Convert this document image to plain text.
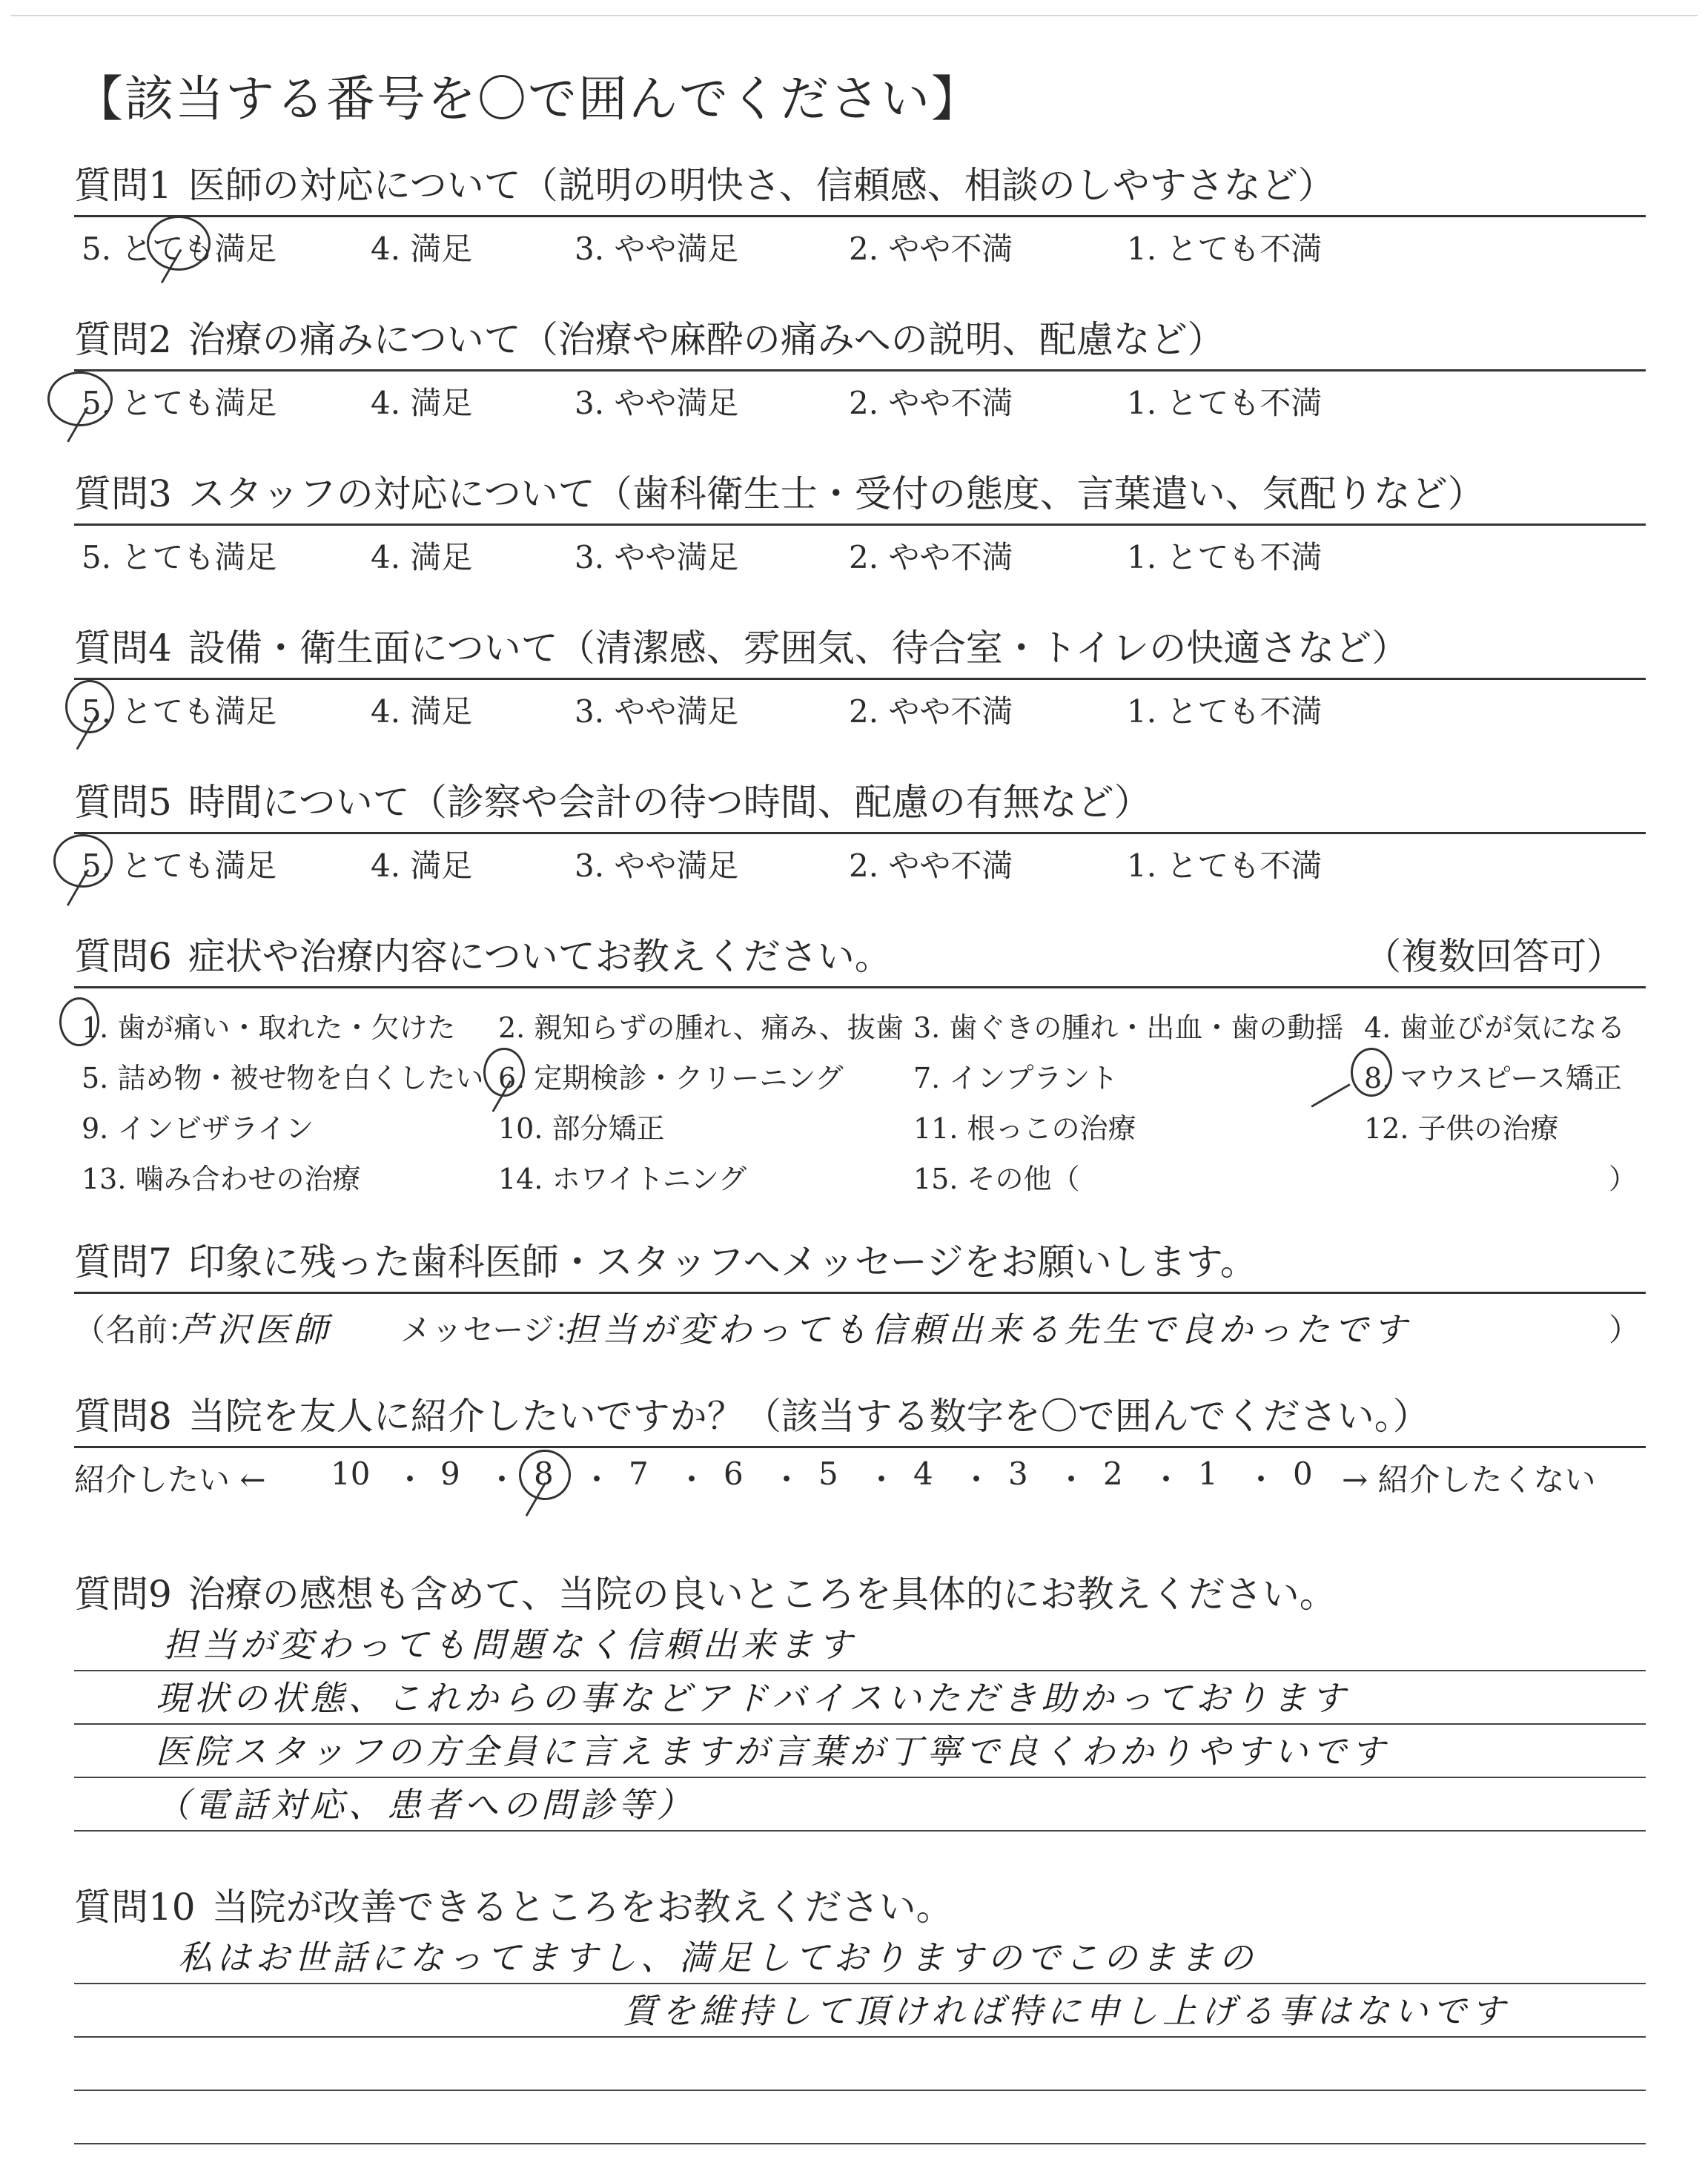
【該当する番号を〇で囲んでください】
質問1 医師の対応について（説明の明快さ、信頼感、相談のしやすさなど）
5. とても満足	4. 満足	3. やや満足	2. やや不満	1. とても不満
質問2 治療の痛みについて（治療や麻酔の痛みへの説明、配慮など）
5. とても満足	4. 満足	3. やや満足	2. やや不満	1. とても不満
質問3 スタッフの対応について（歯科衛生士・受付の態度、言葉遣い、気配りなど）
5. とても満足	4. 満足	3. やや満足	2. やや不満	1. とても不満
質問4 設備・衛生面について（清潔感、雰囲気、待合室・トイレの快適さなど）
5. とても満足	4. 満足	3. やや満足	2. やや不満	1. とても不満
質問5 時間について（診察や会計の待つ時間、配慮の有無など）
5. とても満足	4. 満足	3. やや満足	2. やや不満	1. とても不満
質問6 症状や治療内容についてお教えください。	（複数回答可）
1. 歯が痛い・取れた・欠けた 2. 親知らずの腫れ、痛み、抜歯 3. 歯ぐきの腫れ・出血・歯の動揺 4. 歯並びが気になる
5. 詰め物・被せ物を白くしたい 6. 定期検診・クリーニング 7. インプラント	8. マウスピース矯正
9. インビザライン	10. 部分矯正	11. 根っこの治療	12. 子供の治療
13. 噛み合わせの治療	14. ホワイトニング	15. その他（	）
質問7 印象に残った歯科医師・スタッフへメッセージをお願いします。
（名前：
芦沢医師 メッセージ：
担当が変わっても信頼出来る先生で良かったです	）
質問8 当院を友人に紹介したいですか？（該当する数字を〇で囲んでください。）
紹介したい ← 10 ・ 9 ・ 8 ・ 7 ・ 6 ・ 5 ・ 4 ・ 3 ・ 2 ・ 1 ・ 0 → 紹介したくない
質問9 治療の感想も含めて、当院の良いところを具体的にお教えください。
担当が変わっても問題なく信頼出来ます
現状の状態、これからの事などアドバイスいただき助かっております
医院スタッフの方全員に言えますが言葉が丁寧で良くわかりやすいです
（電話対応、患者への問診等）
質問10 当院が改善できるところをお教えください。
私はお世話になってますし、満足しておりますのでこのままの
質を維持して頂ければ特に申し上げる事はないです
